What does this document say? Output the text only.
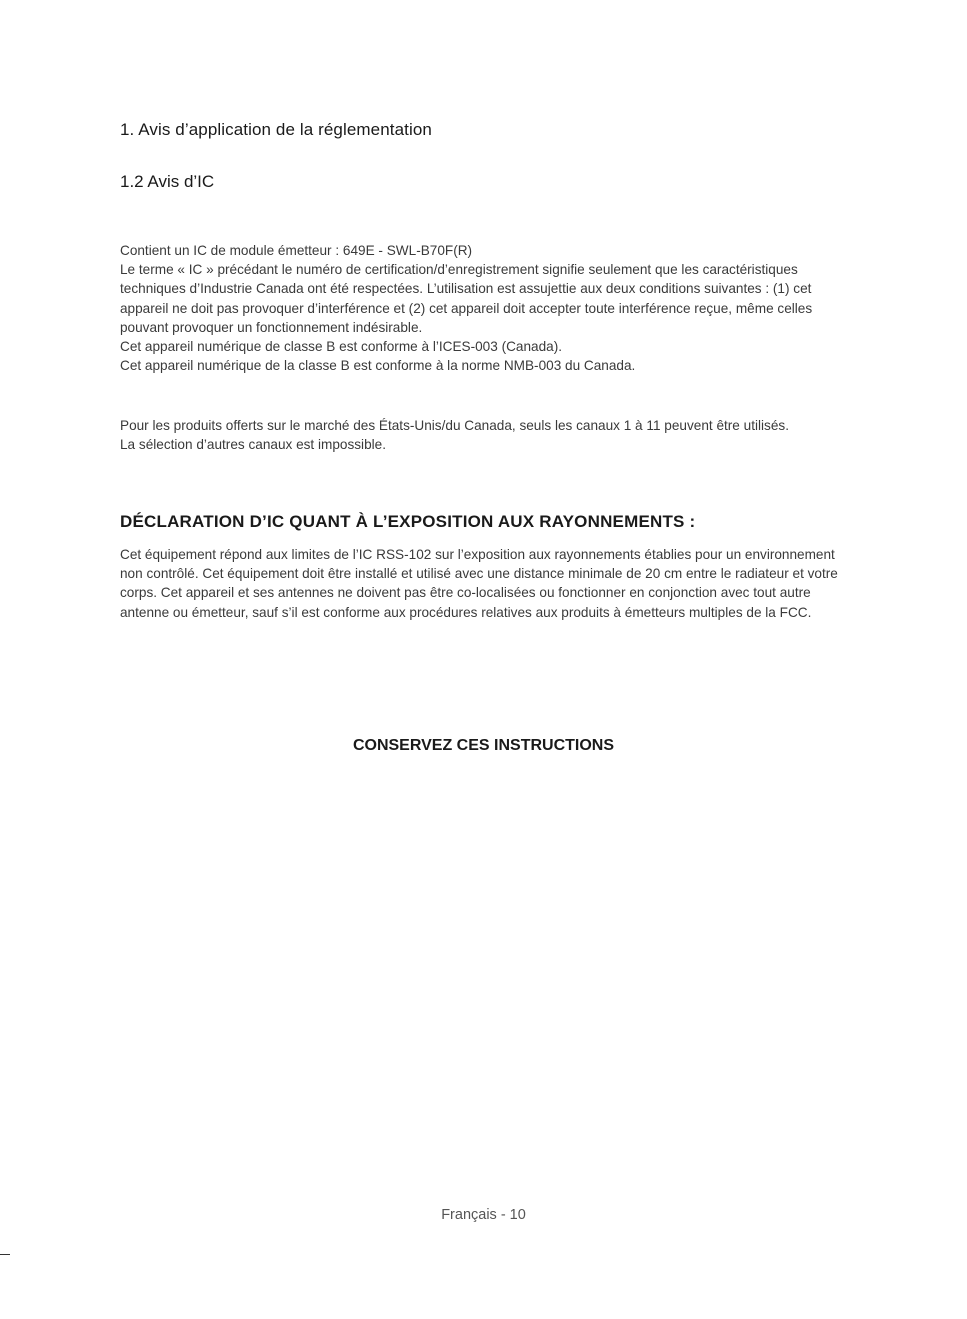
1. Avis d’application de la réglementation
1.2 Avis d’IC

Contient un IC de module émetteur : 649E - SWL-B70F(R)

Le terme « IC » précédant le numéro de certification/d’enregistrement signifie seulement que les caractéristiques techniques d’Industrie Canada ont été respectées. L’utilisation est assujettie aux deux conditions suivantes : (1) cet appareil ne doit pas provoquer d’interférence et (2) cet appareil doit accepter toute interférence reçue, même celles pouvant provoquer un fonctionnement indésirable.

Cet appareil numérique de classe B est conforme à l’ICES-003 (Canada).

Cet appareil numérique de la classe B est conforme à la norme NMB-003 du Canada.

Pour les produits offerts sur le marché des États-Unis/du Canada, seuls les canaux 1 à 11 peuvent être utilisés.

La sélection d’autres canaux est impossible.

DÉCLARATION D’IC QUANT À L’EXPOSITION AUX RAYONNEMENTS :

Cet équipement répond aux limites de l’IC RSS-102 sur l’exposition aux rayonnements établies pour un environnement non contrôlé. Cet équipement doit être installé et utilisé avec une distance minimale de 20 cm entre le radiateur et votre corps. Cet appareil et ses antennes ne doivent pas être co-localisées ou fonctionner en conjonction avec tout autre antenne ou émetteur, sauf s’il est conforme aux procédures relatives aux produits à émetteurs multiples de la FCC.

CONSERVEZ CES INSTRUCTIONS

Français - 10
